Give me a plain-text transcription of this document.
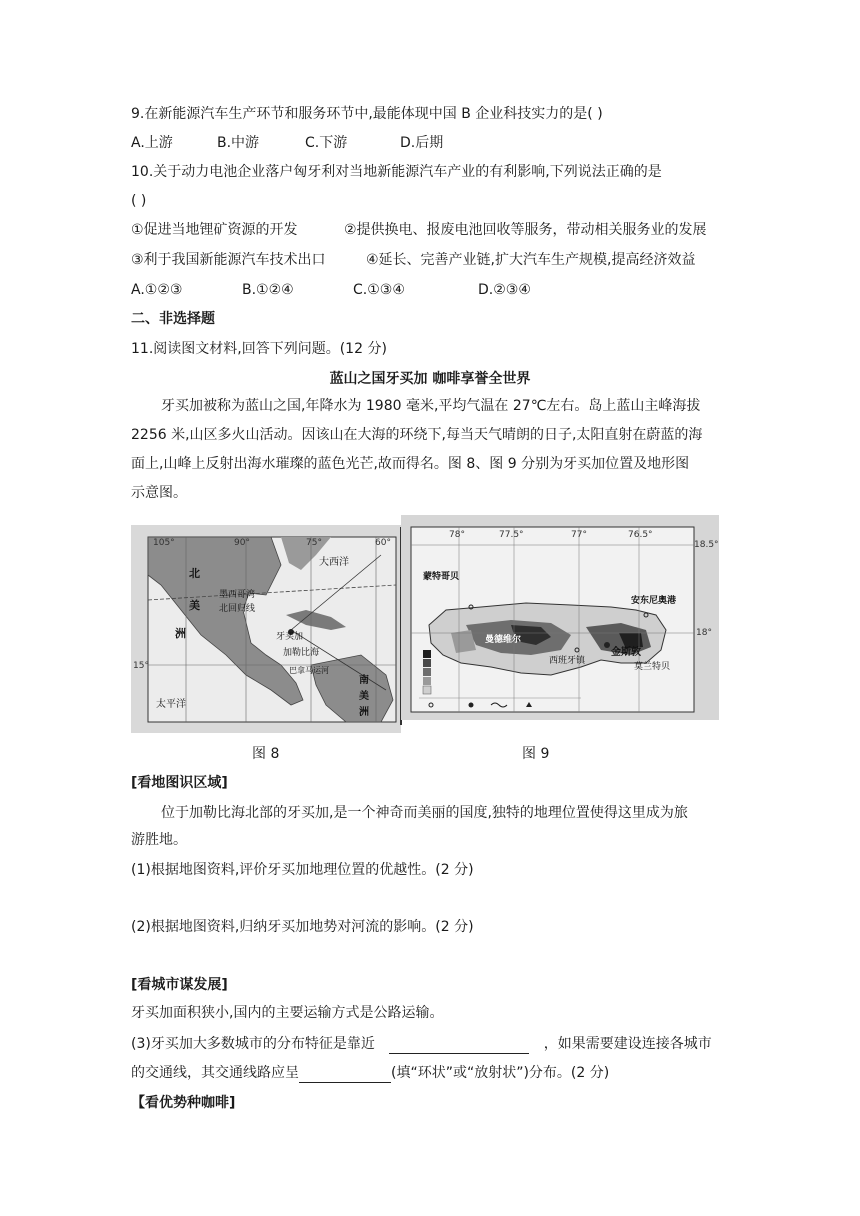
9.在新能源汽车生产环节和服务环节中,最能体现中国 B 企业科技实力的是( )
A.上游	B.中游	C.下游	D.后期
10.关于动力电池企业落户匈牙利对当地新能源汽车产业的有利影响,下列说法正确的是
( )
①促进当地锂矿资源的开发	②提供换电、报废电池回收等服务，带动相关服务业的发展
③利于我国新能源汽车技术出口	④延长、完善产业链,扩大汽车生产规模,提高经济效益
A.①②③	B.①②④	C.①③④	D.②③④
二、非选择题
11.阅读图文材料,回答下列问题。(12 分)
蓝山之国牙买加 咖啡享誉全世界
牙买加被称为蓝山之国,年降水为 1980 毫米,平均气温在 27℃左右。岛上蓝山主峰海拔
2256 米,山区多火山活动。因该山在大海的环绕下,每当天气晴朗的日子,太阳直射在蔚蓝的海
面上,山峰上反射出海水璀璨的蓝色光芒,故而得名。图 8、图 9 分别为牙买加位置及地形图
示意图。
105°	90°	75°	60°
15°
北
美
洲
大西洋
墨西哥湾
北回归线
牙买加
加勒比海
巴拿马运河
南
美
洲
太平洋
78°	77.5°	77°	76.5°
18.5°
18°
蒙特哥贝
安东尼奥港
曼德维尔
西班牙镇
金斯敦
莫兰特贝
图 8	图 9
[看地图识区域]
位于加勒比海北部的牙买加,是一个神奇而美丽的国度,独特的地理位置使得这里成为旅
游胜地。
(1)根据地图资料,评价牙买加地理位置的优越性。(2 分)
(2)根据地图资料,归纳牙买加地势对河流的影响。(2 分)
[看城市谋发展]
牙买加面积狭小,国内的主要运输方式是公路运输。
(3)牙买加大多数城市的分布特征是靠近	，如果需要建设连接各城市
的交通线，其交通线路应呈	(填“环状”或“放射状”)分布。(2 分)
【看优势种咖啡]
